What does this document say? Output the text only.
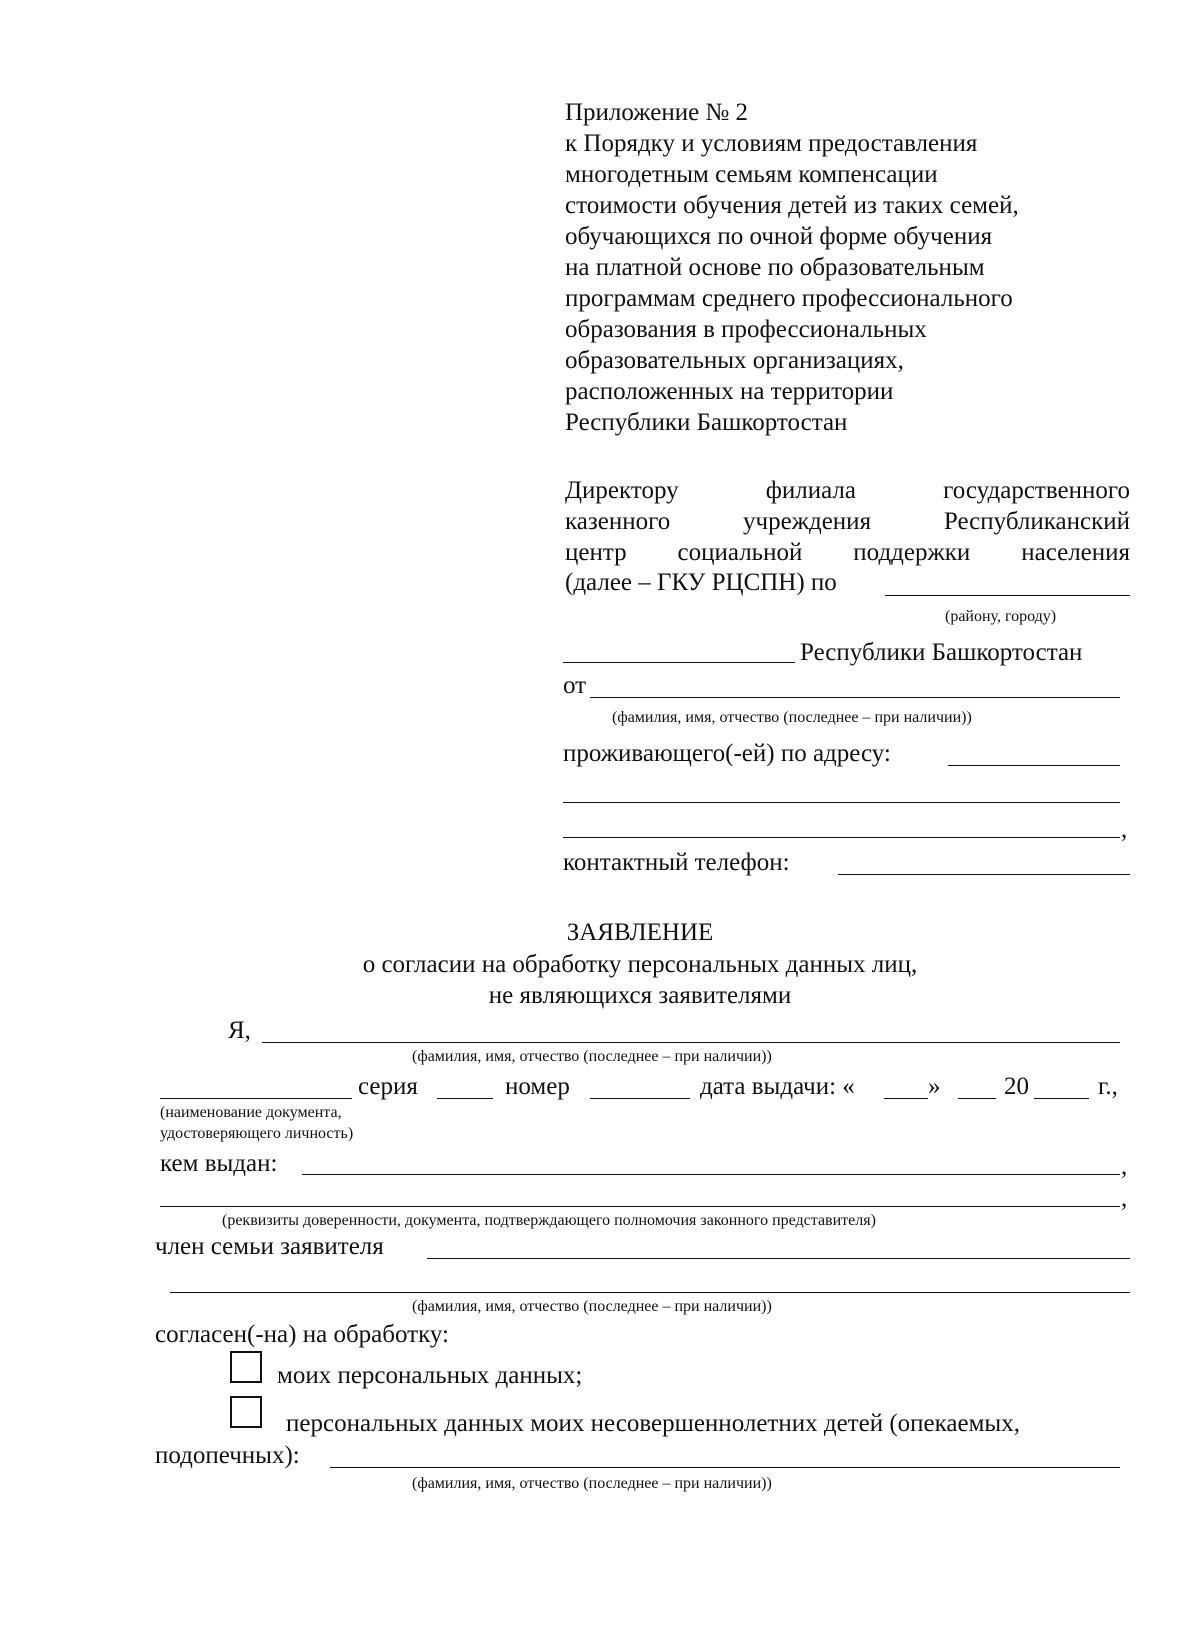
Приложение № 2
к Порядку и условиям предоставления
многодетным семьям компенсации
стоимости обучения детей из таких семей,
обучающихся по очной форме обучения
на платной основе по образовательным
программам среднего профессионального
образования в профессиональных
образовательных организациях,
расположенных на территории
Республики Башкортостан
Директору	филиала	государственного
казенного	учреждения	Республиканский
центр социальной поддержки населения
(далее – ГКУ РЦСПН) по
(району, городу)
Республики Башкортостан
от
(фамилия, имя, отчество (последнее – при наличии))
проживающего(-ей) по адресу:
,
контактный телефон:
ЗАЯВЛЕНИЕ
о согласии на обработку персональных данных лиц,
не являющихся заявителями
Я,
(фамилия, имя, отчество (последнее – при наличии))
серия	номер	дата выдачи: «	»	20	г.,
(наименование документа,
удостоверяющего личность)
кем выдан:	,
,
(реквизиты доверенности, документа, подтверждающего полномочия законного представителя)
член семьи заявителя
(фамилия, имя, отчество (последнее – при наличии))
согласен(-на) на обработку:
моих персональных данных;
персональных данных моих несовершеннолетних детей (опекаемых,
подопечных):
(фамилия, имя, отчество (последнее – при наличии))
